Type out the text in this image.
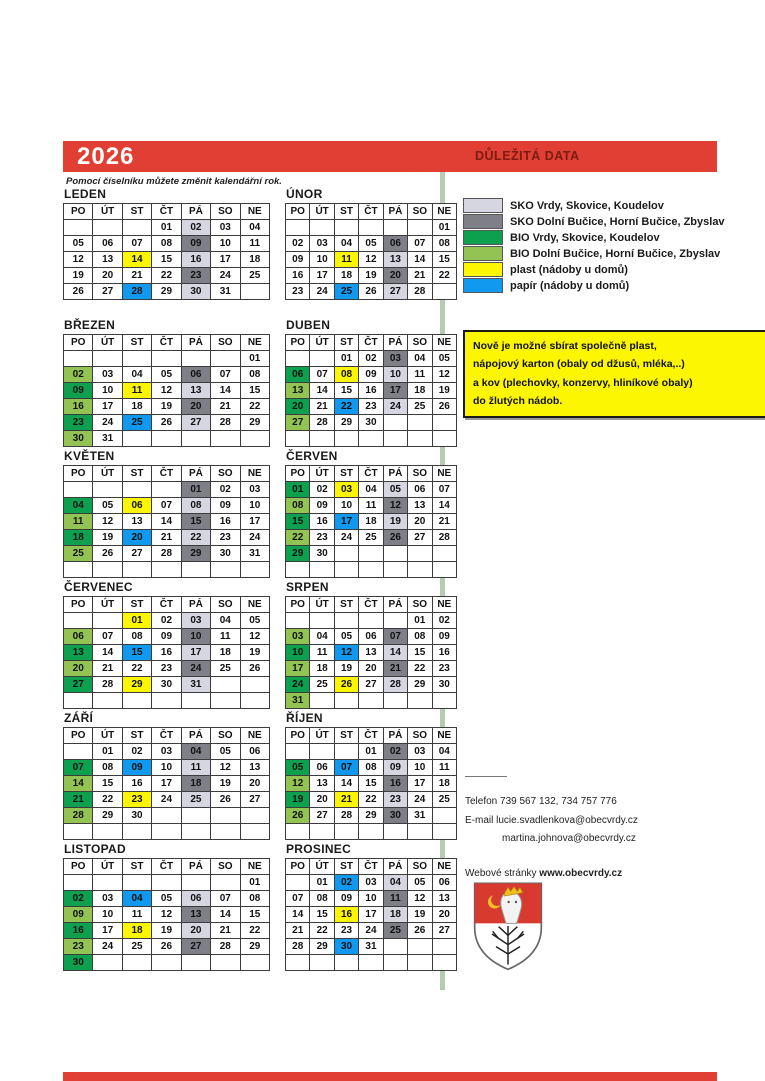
2026	DŮLEŽITÁ DATA
Pomocí číselníku můžete změnit kalendářní rok.
LEDEN
PO	ÚT	ST	ČT	PÁ	SO	NE
			01	02	03	04
05	06	07	08	09	10	11
12	13	14	15	16	17	18
19	20	21	22	23	24	25
26	27	28	29	30	31	
ÚNOR
PO	ÚT	ST	ČT	PÁ	SO	NE
						01
02	03	04	05	06	07	08
09	10	11	12	13	14	15
16	17	18	19	20	21	22
23	24	25	26	27	28	
BŘEZEN
PO	ÚT	ST	ČT	PÁ	SO	NE
						01
02	03	04	05	06	07	08
09	10	11	12	13	14	15
16	17	18	19	20	21	22
23	24	25	26	27	28	29
30	31					
DUBEN
PO	ÚT	ST	ČT	PÁ	SO	NE
		01	02	03	04	05
06	07	08	09	10	11	12
13	14	15	16	17	18	19
20	21	22	23	24	25	26
27	28	29	30			

KVĚTEN
PO	ÚT	ST	ČT	PÁ	SO	NE
				01	02	03
04	05	06	07	08	09	10
11	12	13	14	15	16	17
18	19	20	21	22	23	24
25	26	27	28	29	30	31

ČERVEN
PO	ÚT	ST	ČT	PÁ	SO	NE
01	02	03	04	05	06	07
08	09	10	11	12	13	14
15	16	17	18	19	20	21
22	23	24	25	26	27	28
29	30					

ČERVENEC
PO	ÚT	ST	ČT	PÁ	SO	NE
		01	02	03	04	05
06	07	08	09	10	11	12
13	14	15	16	17	18	19
20	21	22	23	24	25	26
27	28	29	30	31		

SRPEN
PO	ÚT	ST	ČT	PÁ	SO	NE
					01	02
03	04	05	06	07	08	09
10	11	12	13	14	15	16
17	18	19	20	21	22	23
24	25	26	27	28	29	30
31						
ZÁŘÍ
PO	ÚT	ST	ČT	PÁ	SO	NE
	01	02	03	04	05	06
07	08	09	10	11	12	13
14	15	16	17	18	19	20
21	22	23	24	25	26	27
28	29	30				

ŘÍJEN
PO	ÚT	ST	ČT	PÁ	SO	NE
			01	02	03	04
05	06	07	08	09	10	11
12	13	14	15	16	17	18
19	20	21	22	23	24	25
26	27	28	29	30	31	

LISTOPAD
PO	ÚT	ST	ČT	PÁ	SO	NE
						01
02	03	04	05	06	07	08
09	10	11	12	13	14	15
16	17	18	19	20	21	22
23	24	25	26	27	28	29
30						
PROSINEC
PO	ÚT	ST	ČT	PÁ	SO	NE
	01	02	03	04	05	06
07	08	09	10	11	12	13
14	15	16	17	18	19	20
21	22	23	24	25	26	27
28	29	30	31			

SKO Vrdy, Skovice, Koudelov
SKO Dolní Bučice, Horní Bučice, Zbyslav
BIO Vrdy, Skovice, Koudelov
BIO Dolní Bučice, Horní Bučice, Zbyslav
plast (nádoby u domů)
papír (nádoby u domů)
Nově je možné sbírat společně plast,
nápojový karton (obaly od džusů, mléka,..)
a kov (plechovky, konzervy, hliníkové obaly)
do žlutých nádob.
Telefon 739 567 132, 734 757 776
E-mail lucie.svadlenkova@obecvrdy.cz
martina.johnova@obecvrdy.cz
Webové stránky www.obecvrdy.cz
